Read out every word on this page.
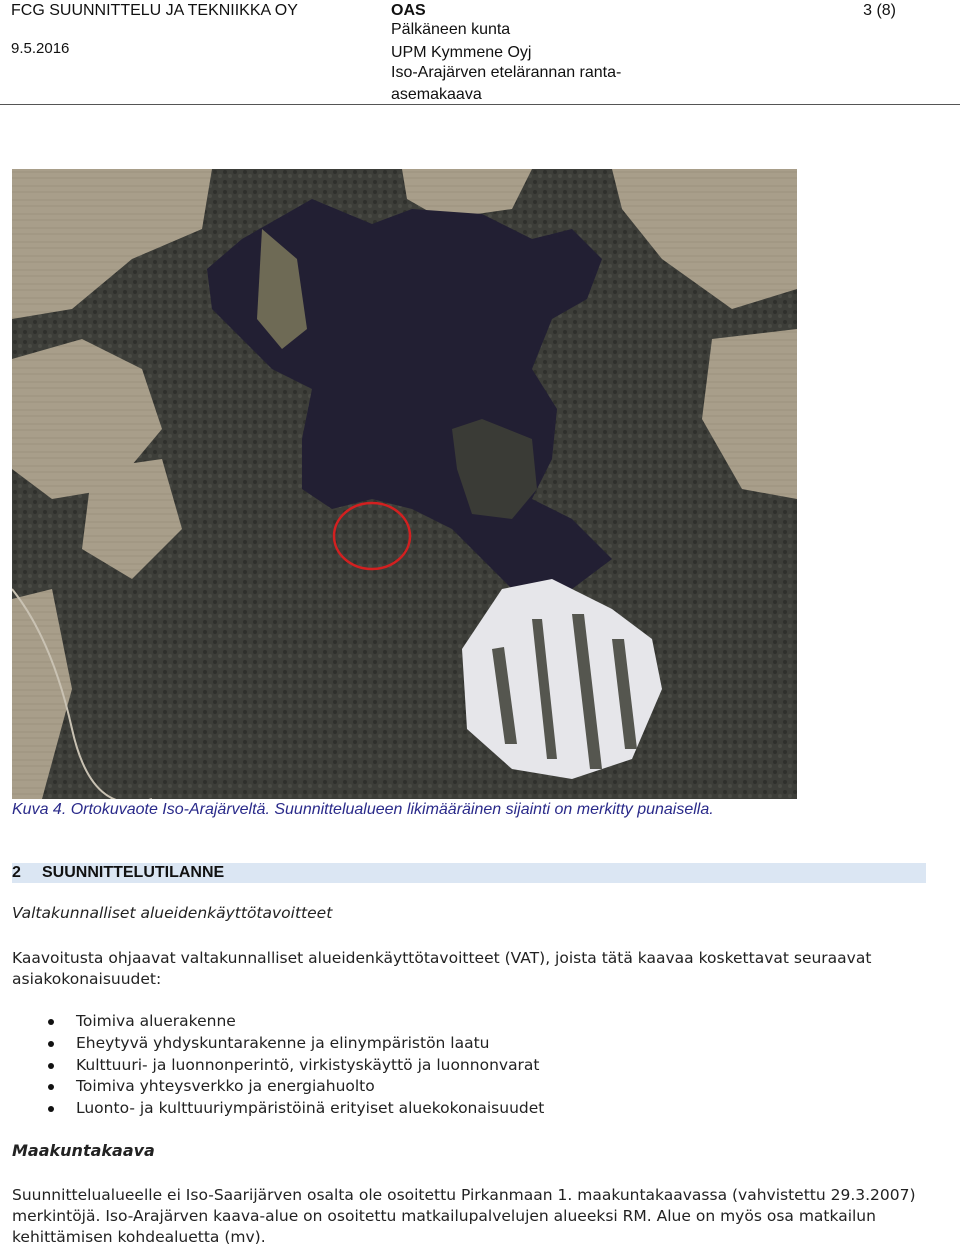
FCG SUUNNITTELU JA TEKNIIKKA OY
9.5.2016
OAS
Pälkäneen kunta
UPM Kymmene Oyj
Iso-Arajärven etelärannan ranta-
asemakaava
3 (8)
Kuva 4. Ortokuvaote Iso-Arajärveltä. Suunnittelualueen likimääräinen sijainti on merkitty punaisella.
2 SUUNNITTELUTILANNE
Valtakunnalliset alueidenkäyttötavoitteet

Kaavoitusta ohjaavat valtakunnalliset alueidenkäyttötavoitteet (VAT), joista tätä kaavaa koskettavat seuraavat asiakokonaisuudet:

Toimiva aluerakenne
Eheytyvä yhdyskuntarakenne ja elinympäristön laatu
Kulttuuri- ja luonnonperintö, virkistyskäyttö ja luonnonvarat
Toimiva yhteysverkko ja energiahuolto
Luonto- ja kulttuuriympäristöinä erityiset aluekokonaisuudet
Maakuntakaava

Suunnittelualueelle ei Iso-Saarijärven osalta ole osoitettu Pirkanmaan 1. maakuntakaavassa (vahvistettu 29.3.2007) merkintöjä. Iso-Arajärven kaava-alue on osoitettu matkailupalvelujen alueeksi RM. Alue on myös osa matkailun kehittämisen kohdealuetta (mv).
